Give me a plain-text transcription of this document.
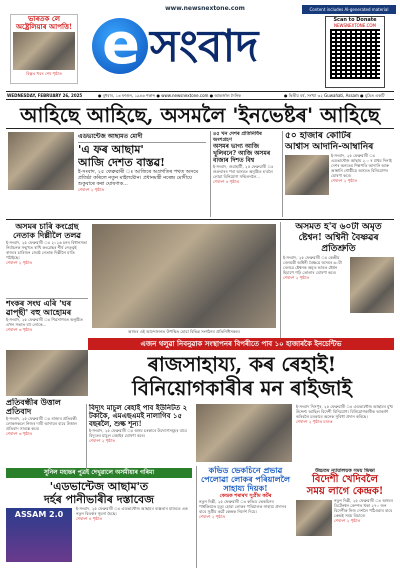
ভাৰতক লে
অষ্ট্ৰেলিয়াৰ আপত্তি!
বিস্তৃত খবৰ শেষ পৃষ্ঠাত
www.newsnextone.com
e সংবাদ
Content includes AI-generated material
Scan to Donate
NEWSNEXTONE.COM
WEDNESDAY, FEBRUARY 26, 2025	● বুধবাৰ, ১৩ ফাগুন, ১৯৪৬ শকাব্দ ● www.newsnextone.com ● আন্তৰ্জাল দৈনিক	● দ্বিতীয় বৰ্ষ, সংখ্যা ৩২ Guwahati, Assam ● মুদ্ৰিত একটি
আহিছে আহিছে, অসমলৈ 'ইনভেষ্টৰ' আহিছে
এডভান্টেজ আছামত মোদী
'এ ফৰ আছাম'
আজি দেশত বাস্তৱ!
ই-সংবাদ, ২৫ ফেব্ৰুৱাৰী ঃ আজিৰে অগ্ৰগতিৰ পথত অসমে প্ৰতিষ্ঠা কৰিলে নতুন মাইলষ্টোন। প্ৰধানমন্ত্ৰী নৰেন্দ্ৰ মোদীয়ে শুকুবাৰে কৰা ঘোষণাক...
শেষাংশ ২ পৃষ্ঠাত
৪৫ খন দেশৰ প্ৰতিনিধিৰ অংশগ্ৰহণ
অসমৰ ভাগ্য আজি খুলিবনে? আজি অসমৰ বাজাৰ দিশত বিশ্ব
ই-সংবাদ, গুৱাহাটী, ২৫ ফেব্ৰুৱাৰী ঃ শুক্ৰবাৰৰ পৰা অসমত অনুষ্ঠিত হ'বলৈ লোৱা বিনিয়োগ সন্মিলনলৈ...
শেষাংশ ৪ পৃষ্ঠাত
৫০ হাজাৰ কোটিৰ
আশ্বাস আদানি-আম্বানিৰ
ই-সংবাদ, ২৫ ফেব্ৰুৱাৰী ঃ এডভান্টেজ আছাম ২.০ ৰ প্ৰথম দিনাই দেশৰ অন্যতম শিল্পপতি আদানি আৰু আম্বানি গোষ্ঠীয়ে অসমত বিনিয়োগৰ ঘোষণা কৰে।
শেষাংশ ২ পৃষ্ঠাত
অসমৰ চাৰি কংগ্ৰেছ নেতাক দিল্লীলৈ তলৱ
ই-সংবাদ, ২৫ ফেব্ৰুৱাৰী ঃ ২০২৬ চনৰ বিধানসভা নিৰ্বাচনক সন্মুখত ৰাখি কংগ্ৰেছৰ শীৰ্ষ নেতৃত্বই ৰাজ্যৰ চাৰিজন জ্যেষ্ঠ নেতাক দিল্লীলৈ মাতি পঠাইছে।
শেষাংশ ২ পৃষ্ঠাত
শংকৰ সংঘ এৰি 'ঘৰ ৱাপ্ছী' বহু আহোমৰ
ই-সংবাদ, ২৫ ফেব্ৰুৱাৰী ঃ শিৱসাগৰত অনুষ্ঠিত এখন সভাত বহু লোকে...
শেষাংশ ৩ পৃষ্ঠাত	আজৰ এই আন্দোলনত উপস্থিত হোৱা বিভিন্ন সংগঠনৰ প্ৰতিনিধিসকল।
অসমত হ'ব ৬০টা অমৃত ষ্টেশ্বন! অশ্বিনী বৈষ্ণৱৰ প্ৰতিশ্ৰুতি
ই-সংবাদ, ২৫ ফেব্ৰুৱাৰী ঃ কেন্দ্ৰীয় ৰেলমন্ত্ৰী অশ্বিনী বৈষ্ণৱে অসমৰ ৬০টা ৰেলৱে ষ্টেশ্বনক অমৃত ভাৰত ষ্টেশ্বন হিচাপে গঢ়ি তোলাৰ ঘোষণা কৰে।
শেষাংশ ২ পৃষ্ঠাত
এজন থলুৱা নিবনুৱাক সংস্থাপনৰ বিপৰীতে পাব ১০ হাজাৰকৈ ইনচেন্টিভ
ৰাজসাহায্য, কৰ ৰেহাই!
বিনিয়োগকাৰীৰ মন ৰাইজাই
প্ৰতিবন্ধীৰ উত্তাল প্ৰতিবাদ
ই-সংবাদ, ২৫ ফেব্ৰুৱাৰী ঃ ৰাজ্যৰ প্ৰতিবন্ধী লোকসকলে নিজৰ দাবী আদায়ৰ বাবে উত্তাল প্ৰতিবাদ সাব্যস্ত কৰে।
শেষাংশ ৩ পৃষ্ঠাত
বিদ্যুৎ মাচুল ৰেহাই পাব ইউনিটত ২ টকাকৈ, এমএছএমই নালাগিব ১৫ বছৰলৈ, শুল্ক শূন্য!
ই-সংবাদ, ২৫ ফেব্ৰুৱাৰী ঃ অসম চৰকাৰে উদ্যোগসমূহৰ বাবে বিদ্যুতৰ মাচুল ৰেহাইৰ ঘোষণা কৰে।
শেষাংশ ২ পৃষ্ঠাত
ই-সংবাদ দিসপুৰ, ২৫ ফেব্ৰুৱাৰী ঃ এডভান্টেজ আছামৰ মুখ্য উদ্দেশ্য আছিল বিদেশী বিনিয়োগ। বিনিয়োগকাৰীক আকৰ্ষণ কৰিবলৈ চৰকাৰে অনেক সুবিধা প্ৰদান কৰিছে।
শেষাংশ ২ পৃষ্ঠাত চাওক
সুনিল মহান্তৰ পুত্ৰই দেখুৱালে অসমীয়াৰ গৰিমা
'এডভান্টেজ আছাম'ত
দৰ্হৰ পানীভাৰীৰ দস্তাবেজ
ASSAM 2.0
ই-সংবাদ, ২৫ ফেব্ৰুৱাৰী ঃ এডভান্টেজ আছামৰ ব্যস্ততাৰ মাজতে এক নতুন বিতৰ্কৰ সূচনা হৈছে।
শেষাংশ ৪ পৃষ্ঠাত
কভিড ভেকচিনে প্ৰভাৱ পেলোৱা লোকৰ পৰিয়াললৈ সাহায্য দিয়ক!
কেন্দ্ৰক শৰাৰখ সুপ্ৰীম কৰ্টৰ
নতুন দিল্লী, ২৫ ফেব্ৰুৱাৰী ঃ কভিড ভেকচিনৰ পাৰ্শ্বক্ৰিয়াত মৃত্যু হোৱা লোকৰ পৰিয়ালক সাহায্য প্ৰদানৰ বাবে সুপ্ৰীম কৰ্টে কেন্দ্ৰক নিৰ্দেশ দিয়ে।
শেষাংশ ২ পৃষ্ঠাত
উচ্চতম ন্যায়ালয়ক সময় ভিক্ষা
বিদেশী খেদিবলৈ
সময় লাগে কেন্দ্ৰক!
নতুন দিল্লী, ২৫ ফেব্ৰুৱাৰী ঃ অসমৰ ডিটেনশ্বন কেম্পত থকা ২৭০ জন বিদেশীক নিজ দেশলৈ পঠিওৱাৰ বাবে কেন্দ্ৰই সময় বিচাৰে।
শেষাংশ ২ পৃষ্ঠাত
